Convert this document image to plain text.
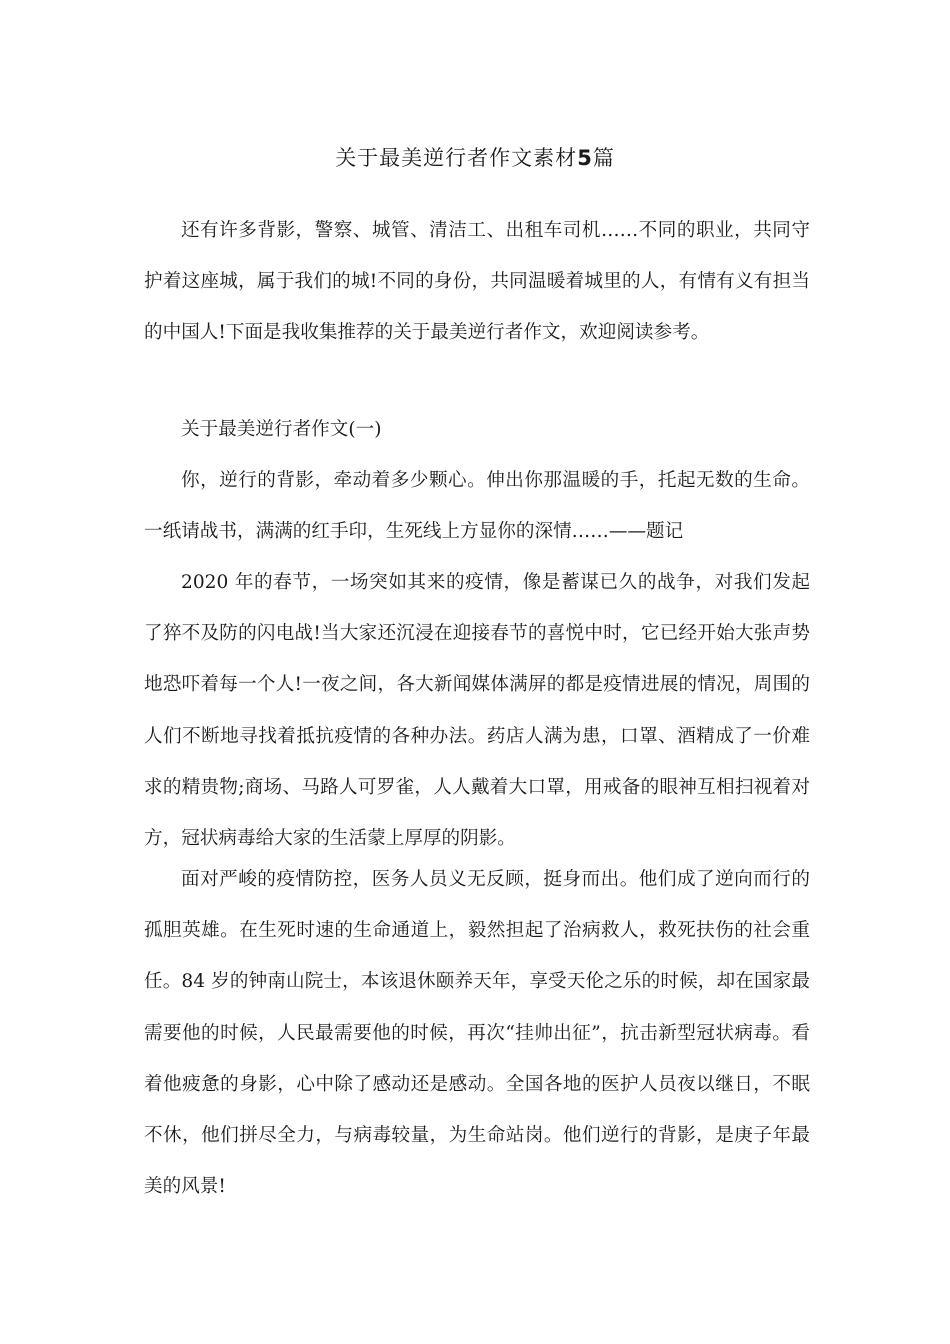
关于最美逆行者作文素材5篇

还有许多背影，警察、城管、清洁工、出租车司机……不同的职业，共同守护着这座城，属于我们的城!不同的身份，共同温暖着城里的人，有情有义有担当的中国人!下面是我收集推荐的关于最美逆行者作文，欢迎阅读参考。

关于最美逆行者作文(一)

你，逆行的背影，牵动着多少颗心。伸出你那温暖的手，托起无数的生命。一纸请战书，满满的红手印，生死线上方显你的深情……——题记

2020 年的春节，一场突如其来的疫情，像是蓄谋已久的战争，对我们发起了猝不及防的闪电战!当大家还沉浸在迎接春节的喜悦中时，它已经开始大张声势地恐吓着每一个人!一夜之间，各大新闻媒体满屏的都是疫情进展的情况，周围的人们不断地寻找着抵抗疫情的各种办法。药店人满为患，口罩、酒精成了一价难求的精贵物;商场、马路人可罗雀，人人戴着大口罩，用戒备的眼神互相扫视着对方，冠状病毒给大家的生活蒙上厚厚的阴影。

面对严峻的疫情防控，医务人员义无反顾，挺身而出。他们成了逆向而行的孤胆英雄。在生死时速的生命通道上，毅然担起了治病救人，救死扶伤的社会重任。84 岁的钟南山院士，本该退休颐养天年，享受天伦之乐的时候，却在国家最需要他的时候，人民最需要他的时候，再次“挂帅出征”，抗击新型冠状病毒。看着他疲惫的身影，心中除了感动还是感动。全国各地的医护人员夜以继日，不眠不休，他们拼尽全力，与病毒较量，为生命站岗。他们逆行的背影，是庚子年最美的风景!
